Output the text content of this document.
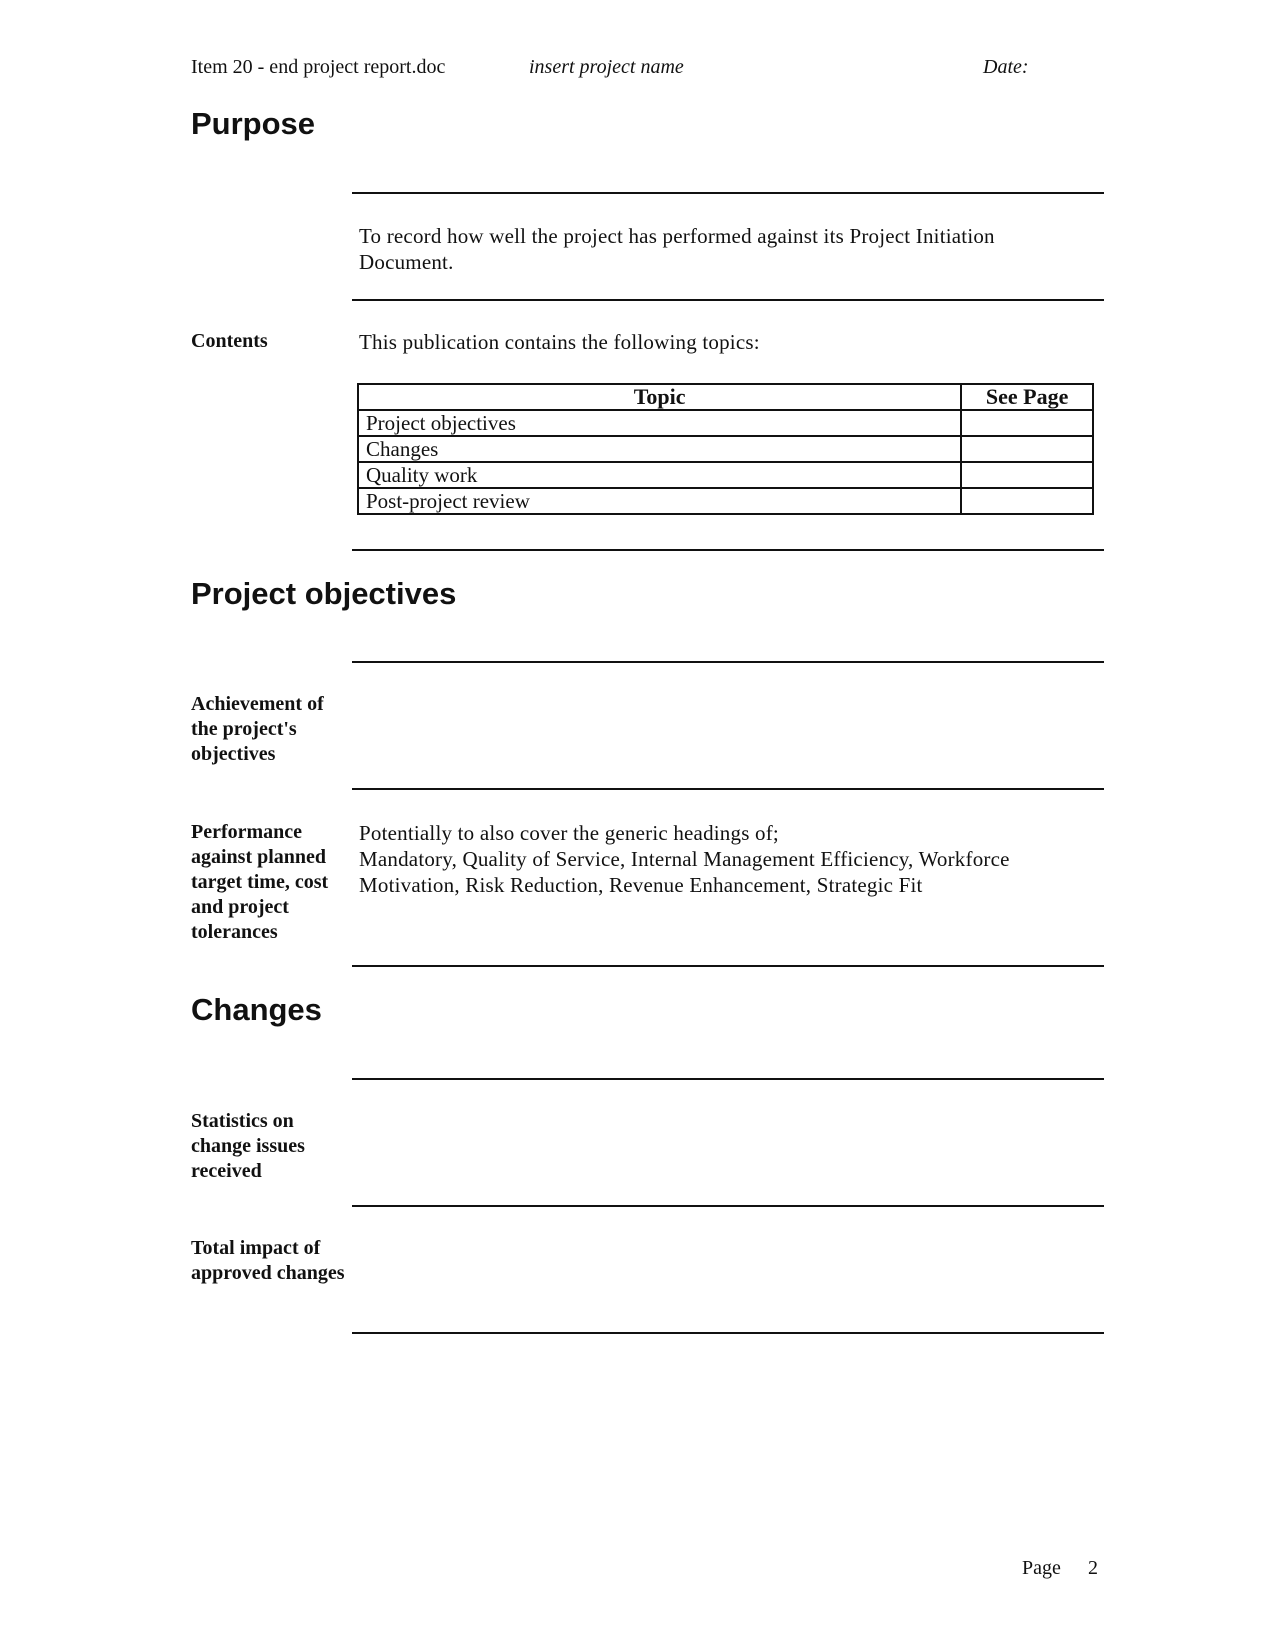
Item 20 - end project report.doc	insert project name	Date:
Purpose
To record how well the project has performed against its Project Initiation Document.
Contents	This publication contains the following topics:
Topic	See Page
Project objectives	
Changes	
Quality work	
Post-project review	
Project objectives
Achievement of the project's objectives
Performance against planned target time, cost and project tolerances
Potentially to also cover the generic headings of;
Mandatory, Quality of Service, Internal Management Efficiency, Workforce Motivation, Risk Reduction, Revenue Enhancement, Strategic Fit
Changes
Statistics on change issues received
Total impact of approved changes
Page 2
